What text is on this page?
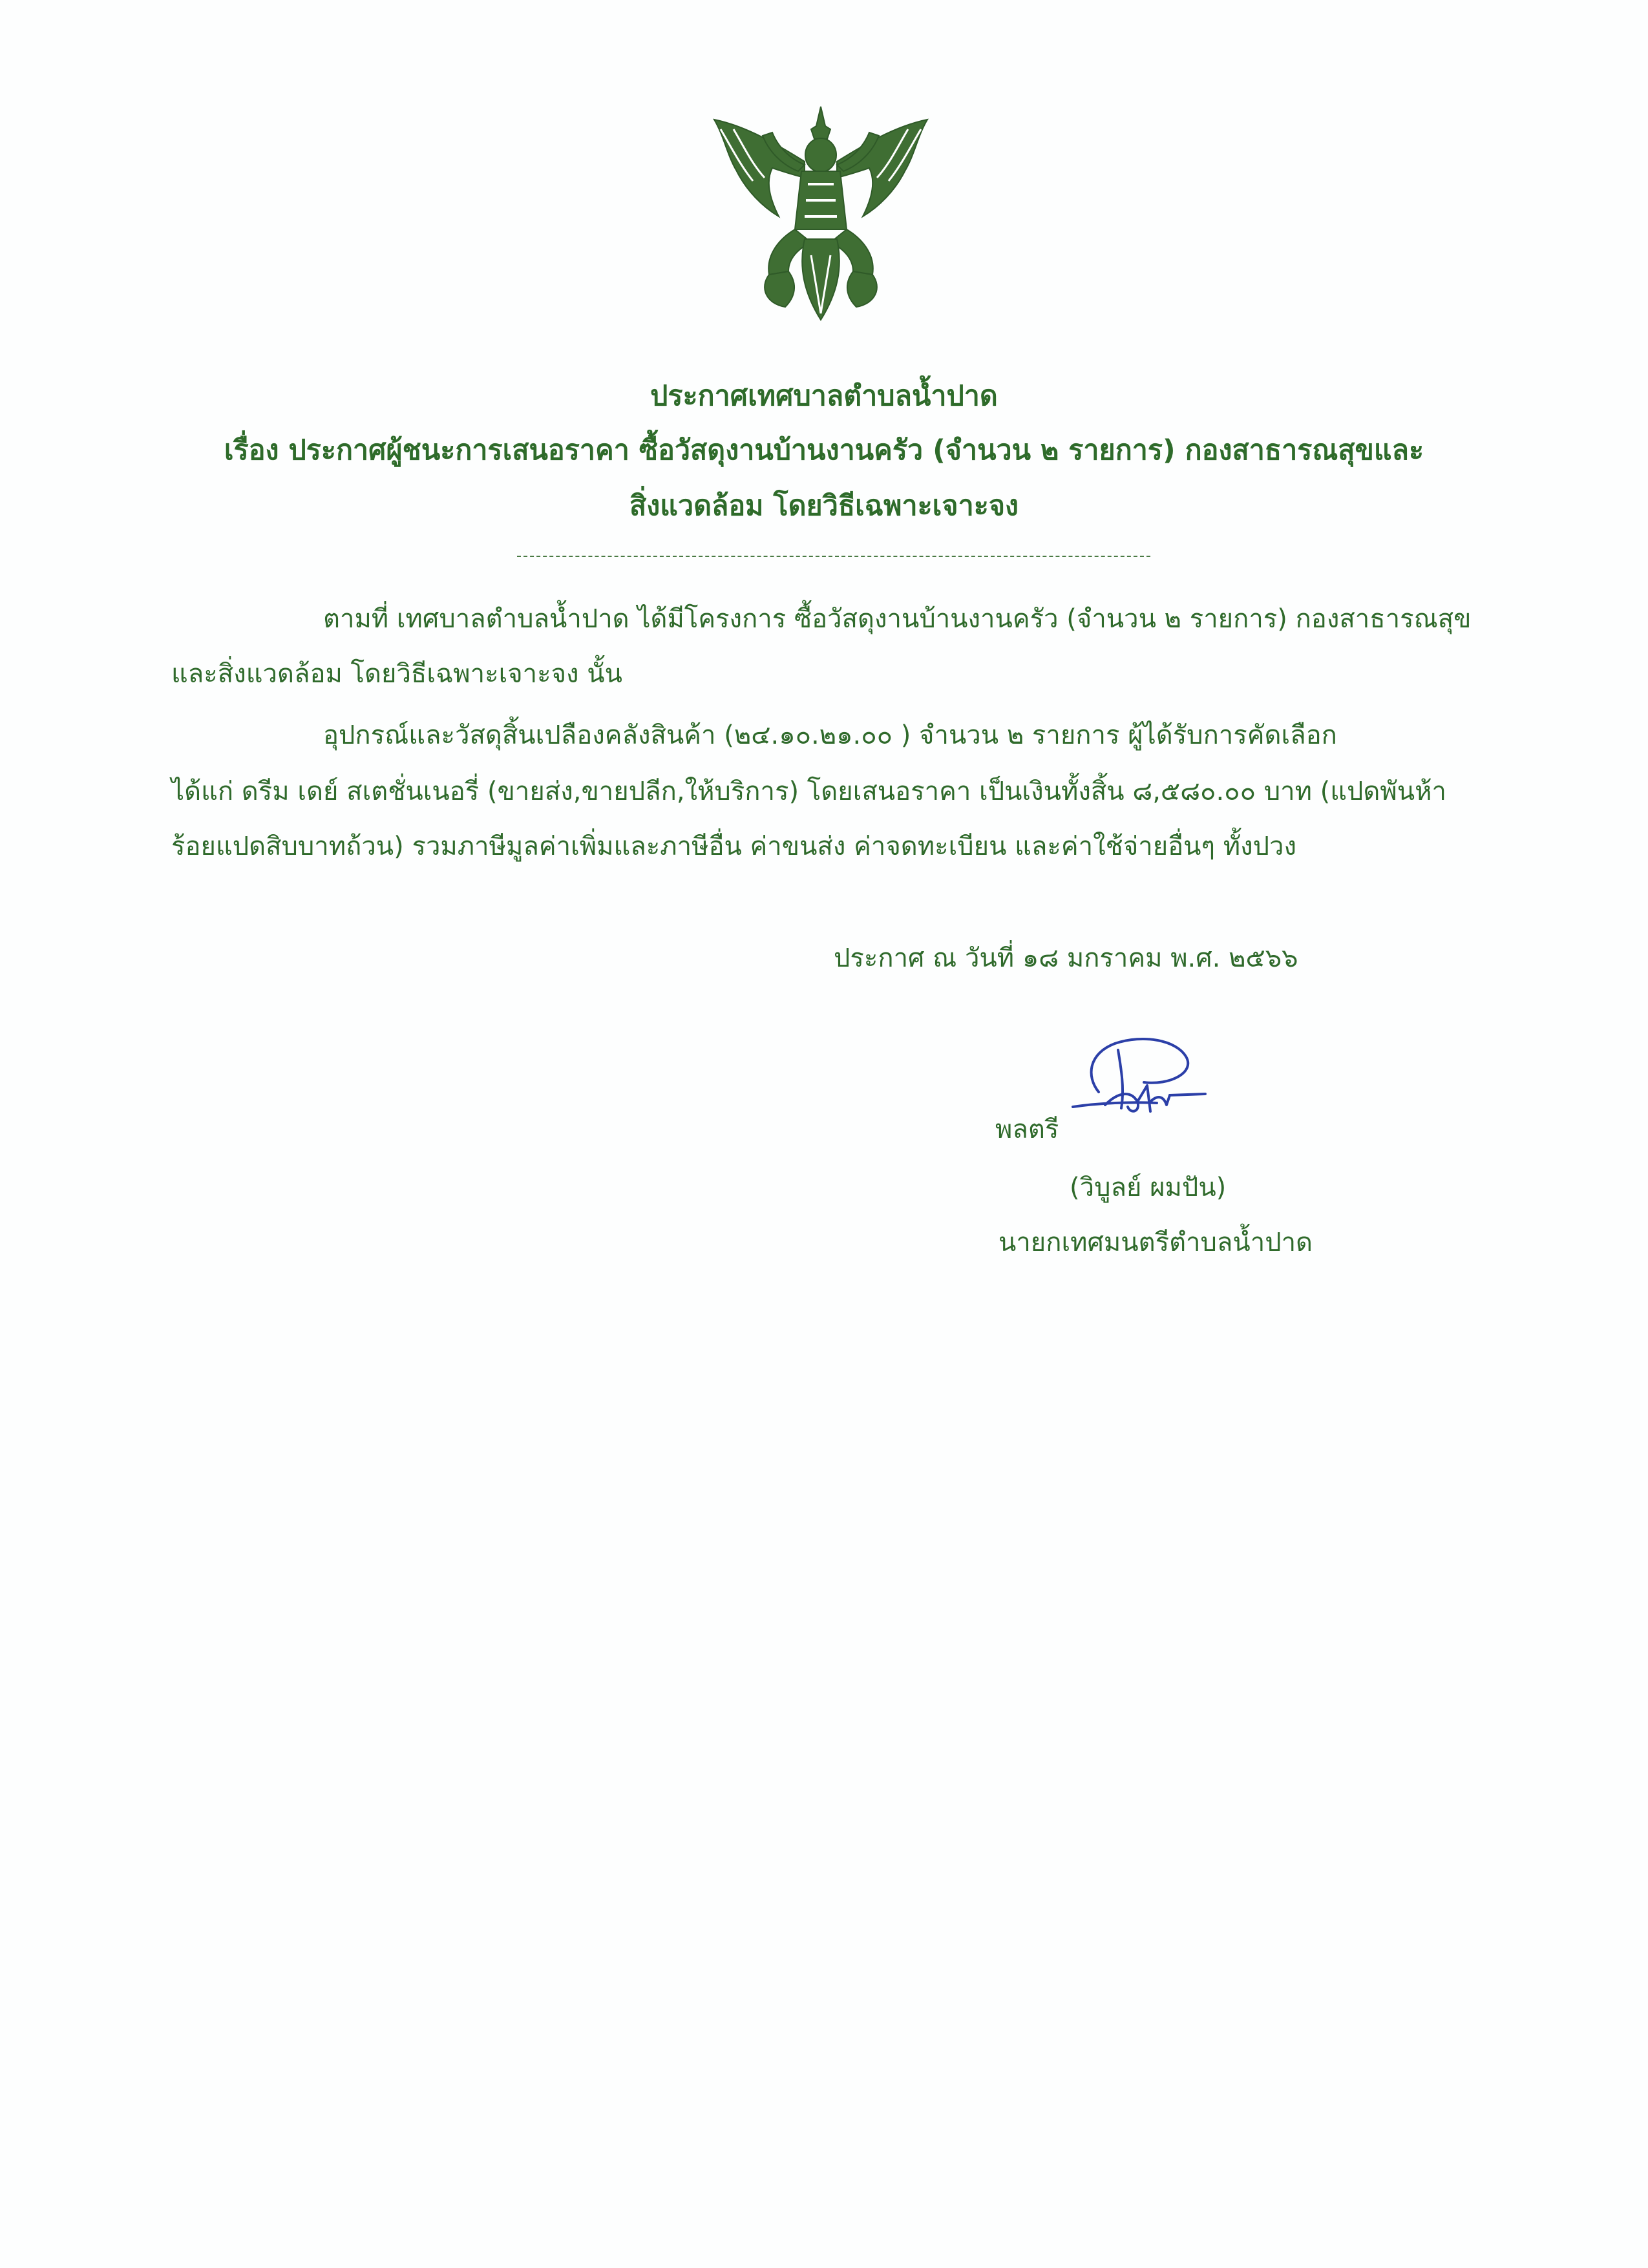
ประกาศเทศบาลตำบลน้ำปาด
เรื่อง ประกาศผู้ชนะการเสนอราคา ซื้อวัสดุงานบ้านงานครัว (จำนวน ๒ รายการ) กองสาธารณสุขและ
สิ่งแวดล้อม โดยวิธีเฉพาะเจาะจง
ตามที่ เทศบาลตำบลน้ำปาด ได้มีโครงการ ซื้อวัสดุงานบ้านงานครัว (จำนวน ๒ รายการ) กองสาธารณสุข
และสิ่งแวดล้อม โดยวิธีเฉพาะเจาะจง นั้น
อุปกรณ์และวัสดุสิ้นเปลืองคลังสินค้า (๒๔.๑๐.๒๑.๐๐ ) จำนวน ๒ รายการ ผู้ได้รับการคัดเลือก
ได้แก่ ดรีม เดย์ สเตชั่นเนอรี่ (ขายส่ง,ขายปลีก,ให้บริการ) โดยเสนอราคา เป็นเงินทั้งสิ้น ๘,๕๘๐.๐๐ บาท (แปดพันห้า
ร้อยแปดสิบบาทถ้วน) รวมภาษีมูลค่าเพิ่มและภาษีอื่น ค่าขนส่ง ค่าจดทะเบียน และค่าใช้จ่ายอื่นๆ ทั้งปวง
ประกาศ ณ วันที่ ๑๘ มกราคม พ.ศ. ๒๕๖๖
พลตรี
(วิบูลย์ ผมปัน)
นายกเทศมนตรีตำบลน้ำปาด
